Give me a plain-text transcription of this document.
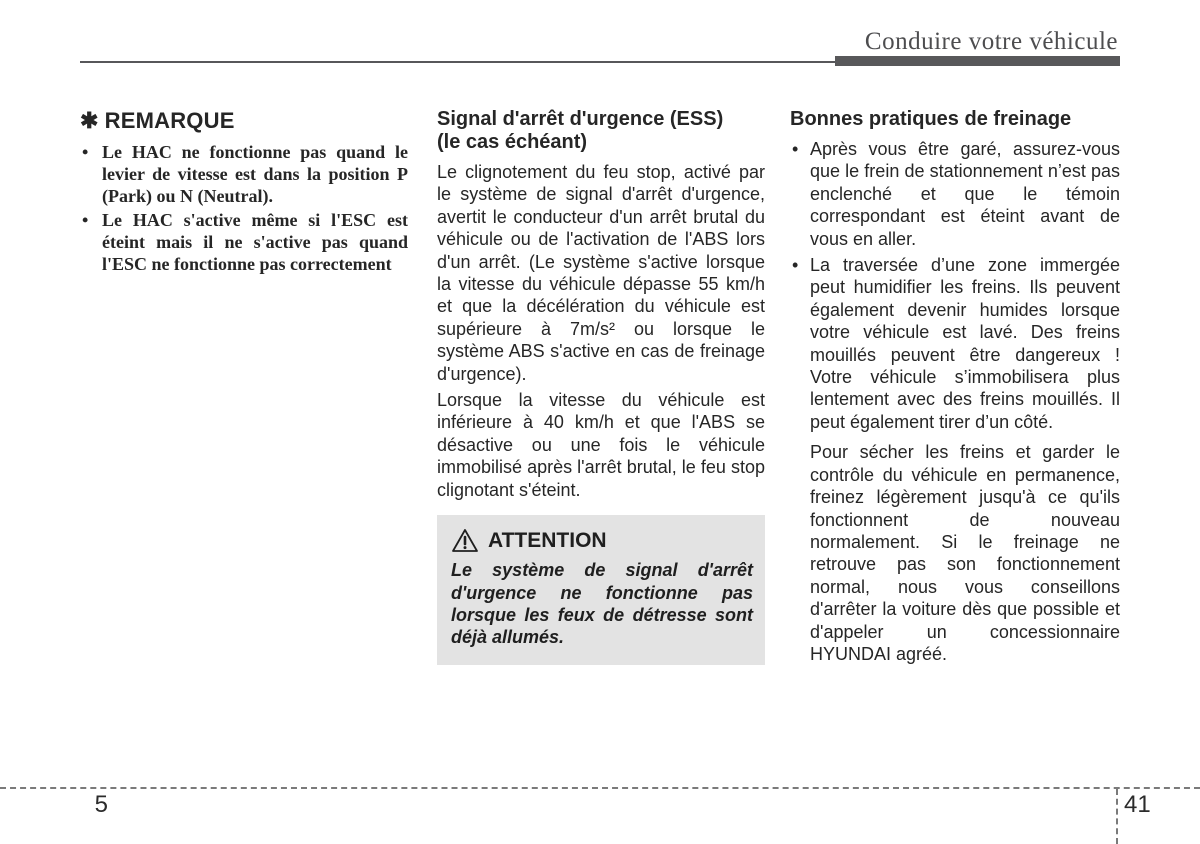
Conduire votre véhicule
✱ REMARQUE
• Le HAC ne fonctionne pas quand le levier de vitesse est dans la position P (Park) ou N (Neutral).
• Le HAC s'active même si l'ESC est éteint mais il ne s'active pas quand l'ESC ne fonctionne pas correctement
Signal d'arrêt d'urgence (ESS)
(le cas échéant)

Le clignotement du feu stop, activé par le système de signal d'arrêt d'urgence, avertit le conducteur d'un arrêt brutal du véhicule ou de l'activation de l'ABS lors d'un arrêt. (Le système s'active lorsque la vitesse du véhicule dépasse 55 km/h et que la décélération du véhicule est supérieure à 7m/s² ou lorsque le système ABS s'active en cas de freinage d'urgence).

Lorsque la vitesse du véhicule est inférieure à 40 km/h et que l'ABS se désactive ou une fois le véhicule immobilisé après l'arrêt brutal, le feu stop clignotant s'éteint.

ATTENTION
Le système de signal d'arrêt d'urgence ne fonctionne pas lorsque les feux de détresse sont déjà allumés.
Bonnes pratiques de freinage
• Après vous être garé, assurez-vous que le frein de stationnement n’est pas enclenché et que le témoin correspondant est éteint avant de vous en aller.
• La traversée d’une zone immergée peut humidifier les freins. Ils peuvent également devenir humides lorsque votre véhicule est lavé. Des freins mouillés peuvent être dangereux ! Votre véhicule s’immobilisera plus lentement avec des freins mouillés. Il peut également tirer d’un côté.

Pour sécher les freins et garder le contrôle du véhicule en permanence, freinez légèrement jusqu'à ce qu'ils fonctionnent de nouveau normalement. Si le freinage ne retrouve pas son fonctionnement normal, nous vous conseillons d'arrêter la voiture dès que possible et d'appeler un concessionnaire HYUNDAI agréé.

5	41
